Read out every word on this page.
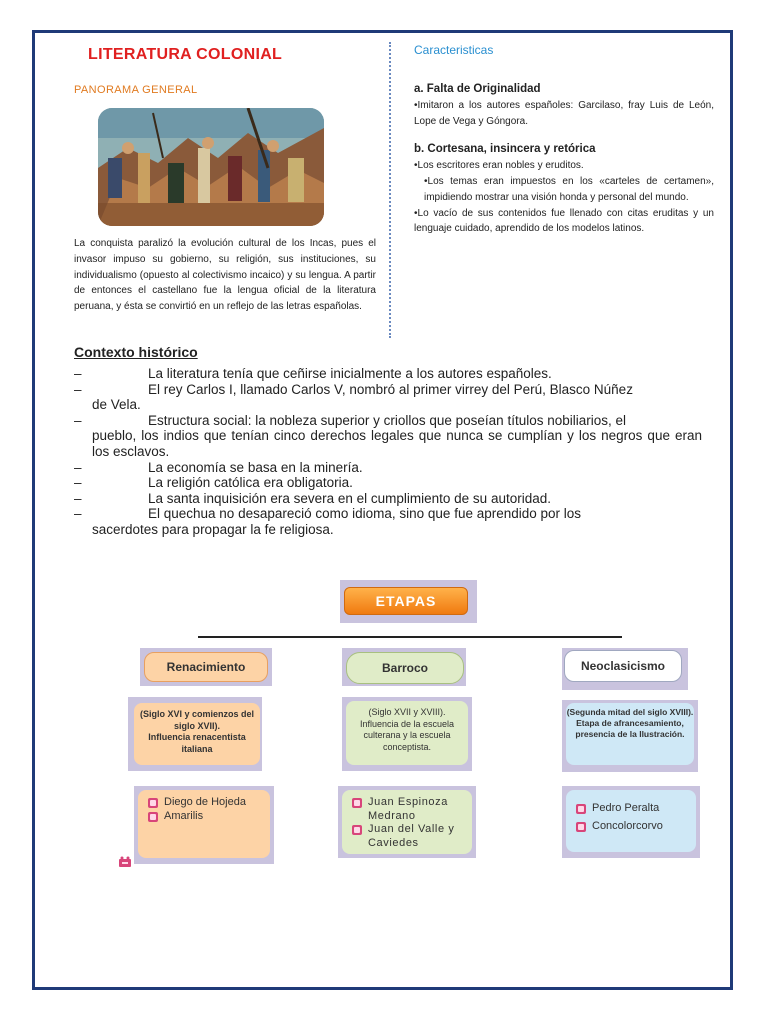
LITERATURA COLONIAL
PANORAMA GENERAL
La conquista paralizó la evolución cultural de los Incas, pues el invasor impuso su gobierno, su religión, sus instituciones, su individualismo (opuesto al colectivismo incaico) y su lengua. A partir de entonces el castellano fue la lengua oficial de la literatura peruana, y ésta se convirtió en un reflejo de las letras españolas.
Caracteristicas

a. Falta de Originalidad

•Imitaron a los autores españoles: Garcilaso, fray Luis de León, Lope de Vega y Góngora.

b. Cortesana, insincera y retórica

•Los escritores eran nobles y eruditos.

•Los temas eran impuestos en los «carteles de certamen», impidiendo mostrar una visión honda y personal del mundo.

•Lo vacío de sus contenidos fue llenado con citas eruditas y un lenguaje cuidado, aprendido de los modelos latinos.

Contexto histórico
–	La literatura tenía que ceñirse inicialmente a los autores españoles.
–	El rey Carlos I, llamado Carlos V, nombró al primer virrey del Perú, Blasco Núñez
de Vela.
–	Estructura social: la nobleza superior y criollos que poseían títulos nobiliarios, el
pueblo, los indios que tenían cinco derechos legales que nunca se cumplían y los negros que eran los esclavos.
–	La economía se basa en la minería.
–	La religión católica era obligatoria.
–	La santa inquisición era severa en el cumplimiento de su autoridad.
–	El quechua no desapareció como idioma, sino que fue aprendido por los
sacerdotes para propagar la fe religiosa.
ETAPAS
Renacimiento
(Siglo XVI y comienzos del siglo XVII).
Influencia renacentista italiana
Diego de Hojeda
Amarilis
Barroco
(Siglo XVII y XVIII). Influencia de la escuela culterana y la escuela conceptista.
Juan Espinoza Medrano
Juan del Valle y Caviedes
Neoclasicismo
(Segunda mitad del siglo XVIII).
Etapa de afrancesamiento, presencia de la Ilustración.
Pedro Peralta
Concolorcorvo
